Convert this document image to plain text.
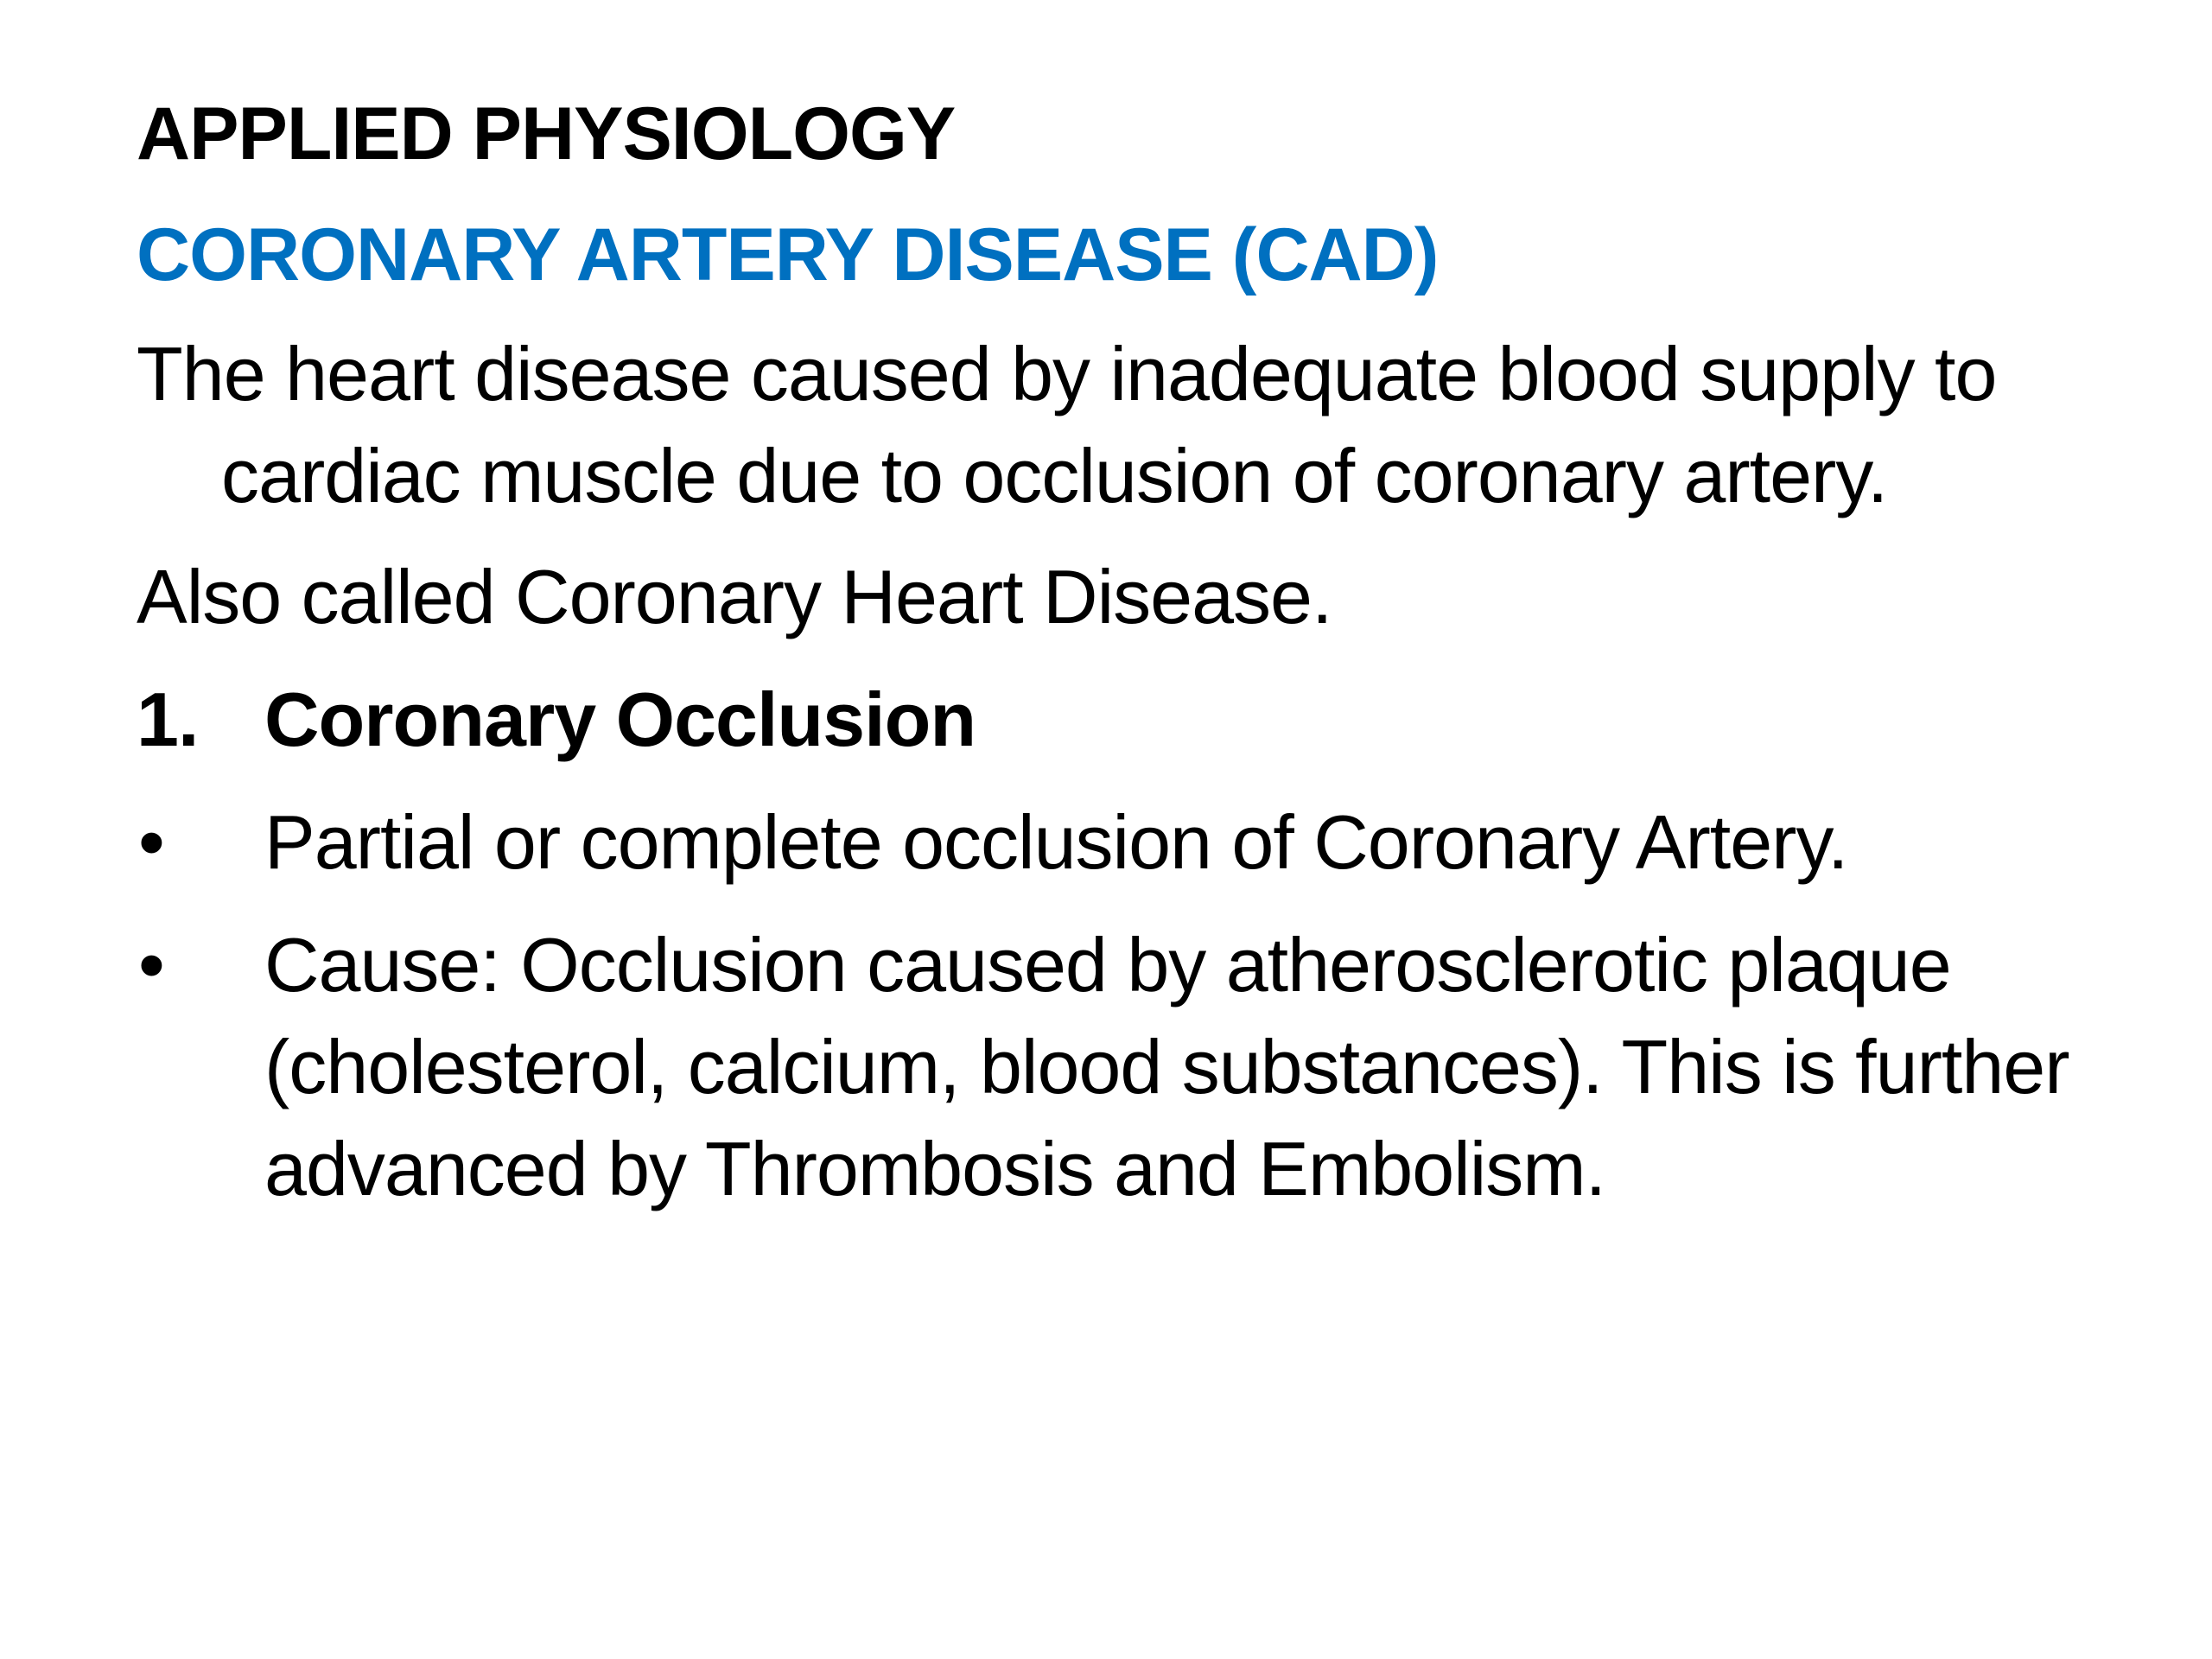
APPLIED PHYSIOLOGY
CORONARY ARTERY DISEASE (CAD)
The heart disease caused by inadequate blood supply to cardiac muscle due to occlusion of coronary artery.
Also called Coronary Heart Disease.
1. Coronary Occlusion
•	Partial or complete occlusion of Coronary Artery.
•	Cause: Occlusion caused by atherosclerotic plaque (cholesterol, calcium, blood substances). This is further advanced by Thrombosis and Embolism.
